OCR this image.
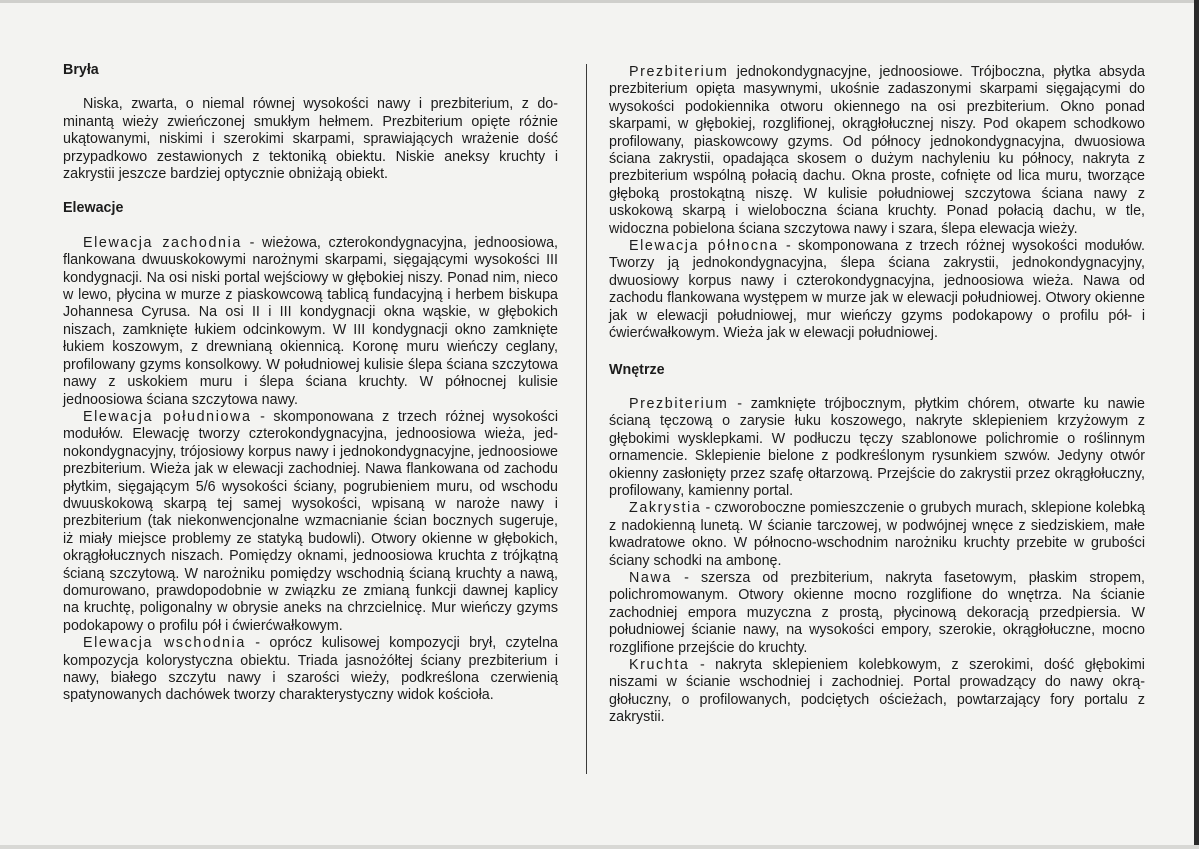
Bryła

Niska, zwarta, o niemal równej wysokości nawy i prezbiterium, z dominantą wieży zwieńczonej smukłym hełmem. Prezbiterium opięte różnie ukątowanymi, niskimi i szerokimi skarpami, sprawiających wrażenie dość przypadkowo zestawionych z tektoniką obiektu. Niskie aneksy kruchty i zakrystii jeszcze bardziej optycznie obniżają obiekt.

Elewacje

Elewacja zachodnia - wieżowa, czterokondygnacyjna, jednoosiowa, flankowana dwuuskokowymi narożnymi skarpami, sięgającymi wysokości III kondygnacji. Na osi niski portal wejściowy w głębokiej niszy. Ponad nim, nieco w lewo, płycina w murze z piaskowcową tablicą fundacyjną i herbem biskupa Johannesa Cyrusa. Na osi II i III kondygnacji okna wąskie, w głębokich niszach, zamknięte łukiem odcinkowym. W III kondygnacji okno zamknięte łukiem koszowym, z drewnianą okiennicą. Koronę muru wieńczy ceglany, profilowany gzyms konsolkowy. W południowej kulisie ślepa ściana szczytowa nawy z uskokiem muru i ślepa ściana kruchty. W północnej kulisie jednoosiowa ściana szczytowa nawy.

Elewacja południowa - skomponowana z trzech różnej wysokości modułów. Elewację tworzy czterokondygnacyjna, jednoosiowa wieża, jednokondygnacyjny, trójosiowy korpus nawy i jednokondygnacyjne, jednoosiowe prezbiterium. Wieża jak w elewacji zachodniej. Nawa flankowana od zachodu płytkim, sięgającym 5/6 wysokości ściany, pogrubieniem muru, od wschodu dwuuskokową skarpą tej samej wysokości, wpisaną w naroże nawy i prezbiterium (tak niekonwencjonalne wzmacnianie ścian bocznych sugeruje, iż miały miejsce problemy ze statyką budowli). Otwory okienne w głębokich, okrągłołucznych niszach. Pomiędzy oknami, jednoosiowa kruchta z trójkątną ścianą szczytową. W narożniku pomiędzy wschodnią ścianą kruchty a nawą, domurowano, prawdopodobnie w związku ze zmianą funkcji dawnej kaplicy na kruchtę, poligonalny w obrysie aneks na chrzcielnicę. Mur wieńczy gzyms podokapowy o profilu pół i ćwierćwałkowym.

Elewacja wschodnia - oprócz kulisowej kompozycji brył, czytelna kompozycja kolorystyczna obiektu. Triada jasnożółtej ściany prezbiterium i nawy, białego szczytu nawy i szarości wieży, podkreślona czerwienią spatynowanych dachówek tworzy charakterystyczny widok kościoła.

Prezbiterium jednokondygnacyjne, jednoosiowe. Trójboczna, płytka absyda prezbiterium opięta masywnymi, ukośnie zadaszonymi skarpami sięgającymi do wysokości podokiennika otworu okiennego na osi prezbiterium. Okno ponad skarpami, w głębokiej, rozglifionej, okrągłołucznej niszy. Pod okapem schodkowo profilowany, piaskowcowy gzyms. Od północy jednokondygnacyjna, dwuosiowa ściana zakrystii, opadająca skosem o dużym nachyleniu ku północy, nakryta z prezbiterium wspólną połacią dachu. Okna proste, cofnięte od lica muru, tworzące głęboką prostokątną niszę. W kulisie południowej szczytowa ściana nawy z uskokową skarpą i wieloboczna ściana kruchty. Ponad połacią dachu, w tle, widoczna pobielona ściana szczytowa nawy i szara, ślepa elewacja wieży.

Elewacja północna - skomponowana z trzech różnej wysokości modułów. Tworzy ją jednokondygnacyjna, ślepa ściana zakrystii, jednokondygnacyjny, dwuosiowy korpus nawy i czterokondygnacyjna, jednoosiowa wieża. Nawa od zachodu flankowana występem w murze jak w elewacji południowej. Otwory okienne jak w elewacji południowej, mur wieńczy gzyms podokapowy o profilu pół- i ćwierćwałkowym. Wieża jak w elewacji południowej.

Wnętrze

Prezbiterium - zamknięte trójbocznym, płytkim chórem, otwarte ku nawie ścianą tęczową o zarysie łuku koszowego, nakryte sklepieniem krzyżowym z głębokimi wysklepkami. W podłuczu tęczy szablonowe polichromie o roślinnym ornamencie. Sklepienie bielone z podkreślonym rysunkiem szwów. Jedyny otwór okienny zasłonięty przez szafę ołtarzową. Przejście do zakrystii przez okrągłołuczny, profilowany, kamienny portal.

Zakrystia - czworoboczne pomieszczenie o grubych murach, sklepione kolebką z nadokienną lunetą. W ścianie tarczowej, w podwójnej wnęce z siedziskiem, małe kwadratowe okno. W północno-wschodnim narożniku kruchty przebite w grubości ściany schodki na ambonę.

Nawa - szersza od prezbiterium, nakryta fasetowym, płaskim stropem, polichromowanym. Otwory okienne mocno rozglifione do wnętrza. Na ścianie zachodniej empora muzyczna z prostą, płycinową dekoracją przedpiersia. W południowej ścianie nawy, na wysokości empory, szerokie, okrągłołuczne, mocno rozglifione przejście do kruchty.

Kruchta - nakryta sklepieniem kolebkowym, z szerokimi, dość głębokimi niszami w ścianie wschodniej i zachodniej. Portal prowadzący do nawy okrągłołuczny, o profilowanych, podciętych ościeżach, powtarzający fory portalu z zakrystii.
